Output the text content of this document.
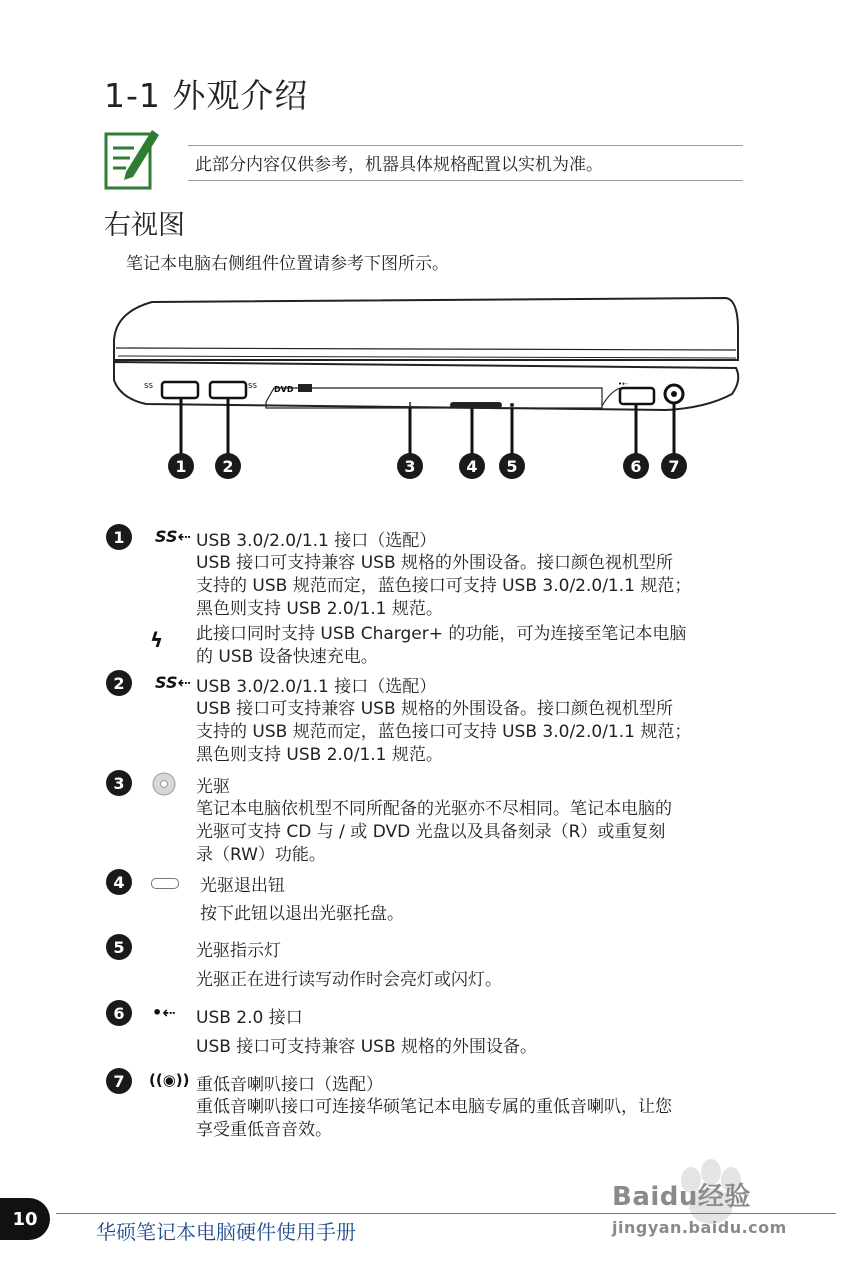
1-1 外观介绍
此部分内容仅供参考，机器具体规格配置以实机为准。
右视图
笔记本电脑右侧组件位置请参考下图所示。
SS	SS DVD
•⇠
1	2	3	4	5	6	7
1	SS⇠ USB 3.0/2.0/1.1 接口（选配）
USB 接口可支持兼容 USB 规格的外围设备。接口颜色视机型所
支持的 USB 规范而定，蓝色接口可支持 USB 3.0/2.0/1.1 规范；
黑色则支持 USB 2.0/1.1 规范。
ϟ 此接口同时支持 USB Charger+ 的功能，可为连接至笔记本电脑
的 USB 设备快速充电。
2	SS⇠ USB 3.0/2.0/1.1 接口（选配）
USB 接口可支持兼容 USB 规格的外围设备。接口颜色视机型所
支持的 USB 规范而定，蓝色接口可支持 USB 3.0/2.0/1.1 规范；
黑色则支持 USB 2.0/1.1 规范。
3	光驱
笔记本电脑依机型不同所配备的光驱亦不尽相同。笔记本电脑的
光驱可支持 CD 与 / 或 DVD 光盘以及具备刻录（R）或重复刻
录（RW）功能。
4	光驱退出钮
按下此钮以退出光驱托盘。
5	光驱指示灯
光驱正在进行读写动作时会亮灯或闪灯。
6	•⇠ USB 2.0 接口
USB 接口可支持兼容 USB 规格的外围设备。
7	((◉)) 重低音喇叭接口（选配）
重低音喇叭接口可连接华硕笔记本电脑专属的重低音喇叭，让您
享受重低音音效。
Baidu经验
jingyan.baidu.com
10
华硕笔记本电脑硬件使用手册
